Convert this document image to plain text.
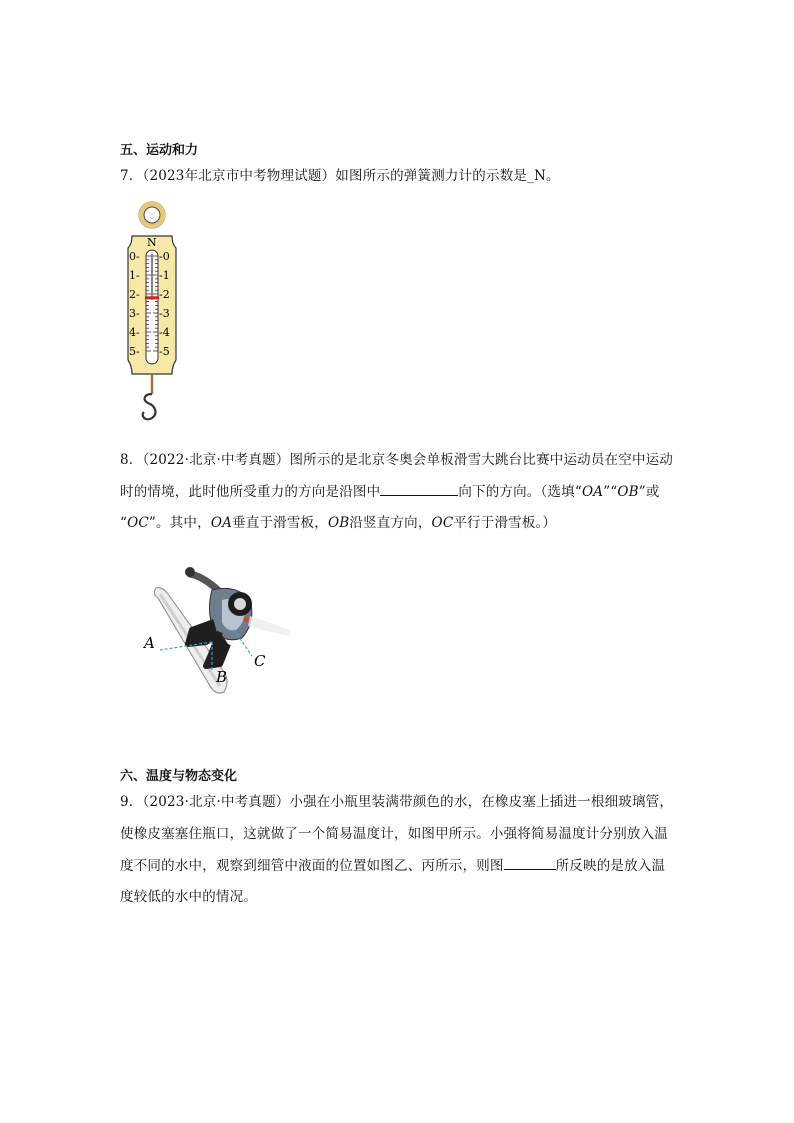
五、运动和力
7．（2023年北京市中考物理试题）如图所示的弹簧测力计的示数是_N。
0-
1-
2-
3-
4-
5-
-0
-1
-2
-3
-4
-5
N
8．（2022·北京·中考真题）图所示的是北京冬奥会单板滑雪大跳台比赛中运动员在空中运动
时的情境，此时他所受重力的方向是沿图中	向下的方向。（选填“OA”“OB”或
“OC”。其中，OA垂直于滑雪板，OB沿竖直方向，OC平行于滑雪板。）
A
B
C
六、温度与物态变化
9．（2023·北京·中考真题）小强在小瓶里装满带颜色的水，在橡皮塞上插进一根细玻璃管，
使橡皮塞塞住瓶口，这就做了一个简易温度计，如图甲所示。小强将简易温度计分别放入温
度不同的水中，观察到细管中液面的位置如图乙、丙所示，则图	所反映的是放入温
度较低的水中的情况。
